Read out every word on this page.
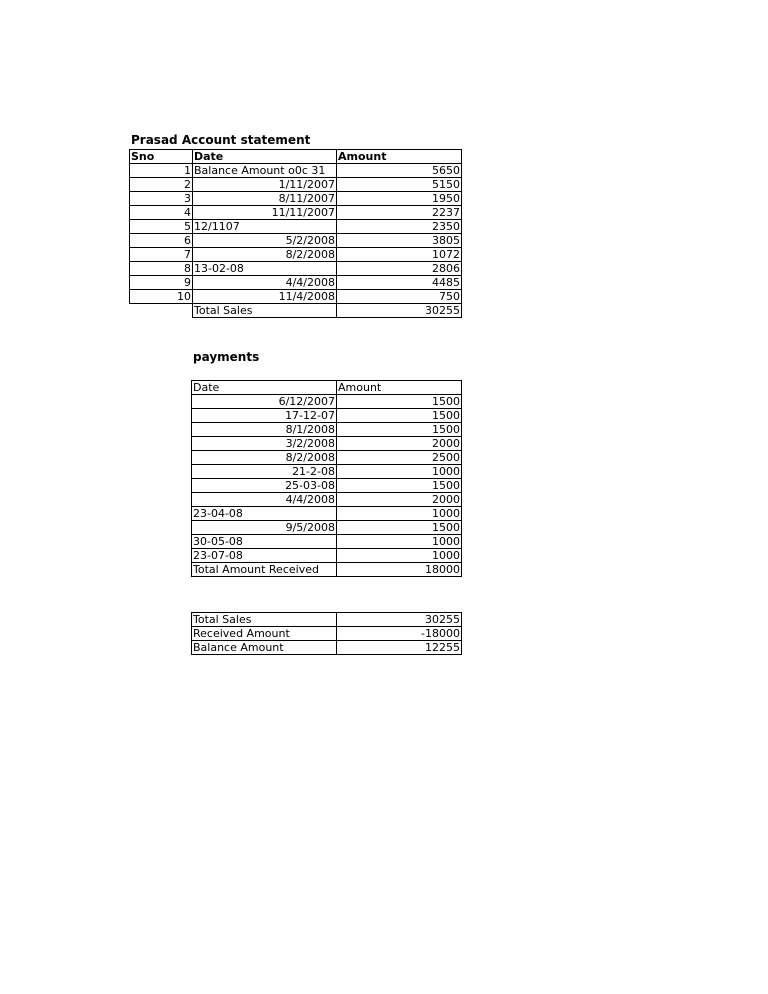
Prasad Account statement
Sno	Date	Amount
1	Balance Amount o0c 31	5650
2	1/11/2007	5150
3	8/11/2007	1950
4	11/11/2007	2237
5	12/1107	2350
6	5/2/2008	3805
7	8/2/2008	1072
8	13-02-08	2806
9	4/4/2008	4485
10	11/4/2008	750
	Total Sales	30255
payments
Date	Amount
6/12/2007	1500
17-12-07	1500
8/1/2008	1500
3/2/2008	2000
8/2/2008	2500
21-2-08	1000
25-03-08	1500
4/4/2008	2000
23-04-08	1000
9/5/2008	1500
30-05-08	1000
23-07-08	1000
Total Amount Received	18000
Total Sales	30255
Received Amount	-18000
Balance Amount	12255
